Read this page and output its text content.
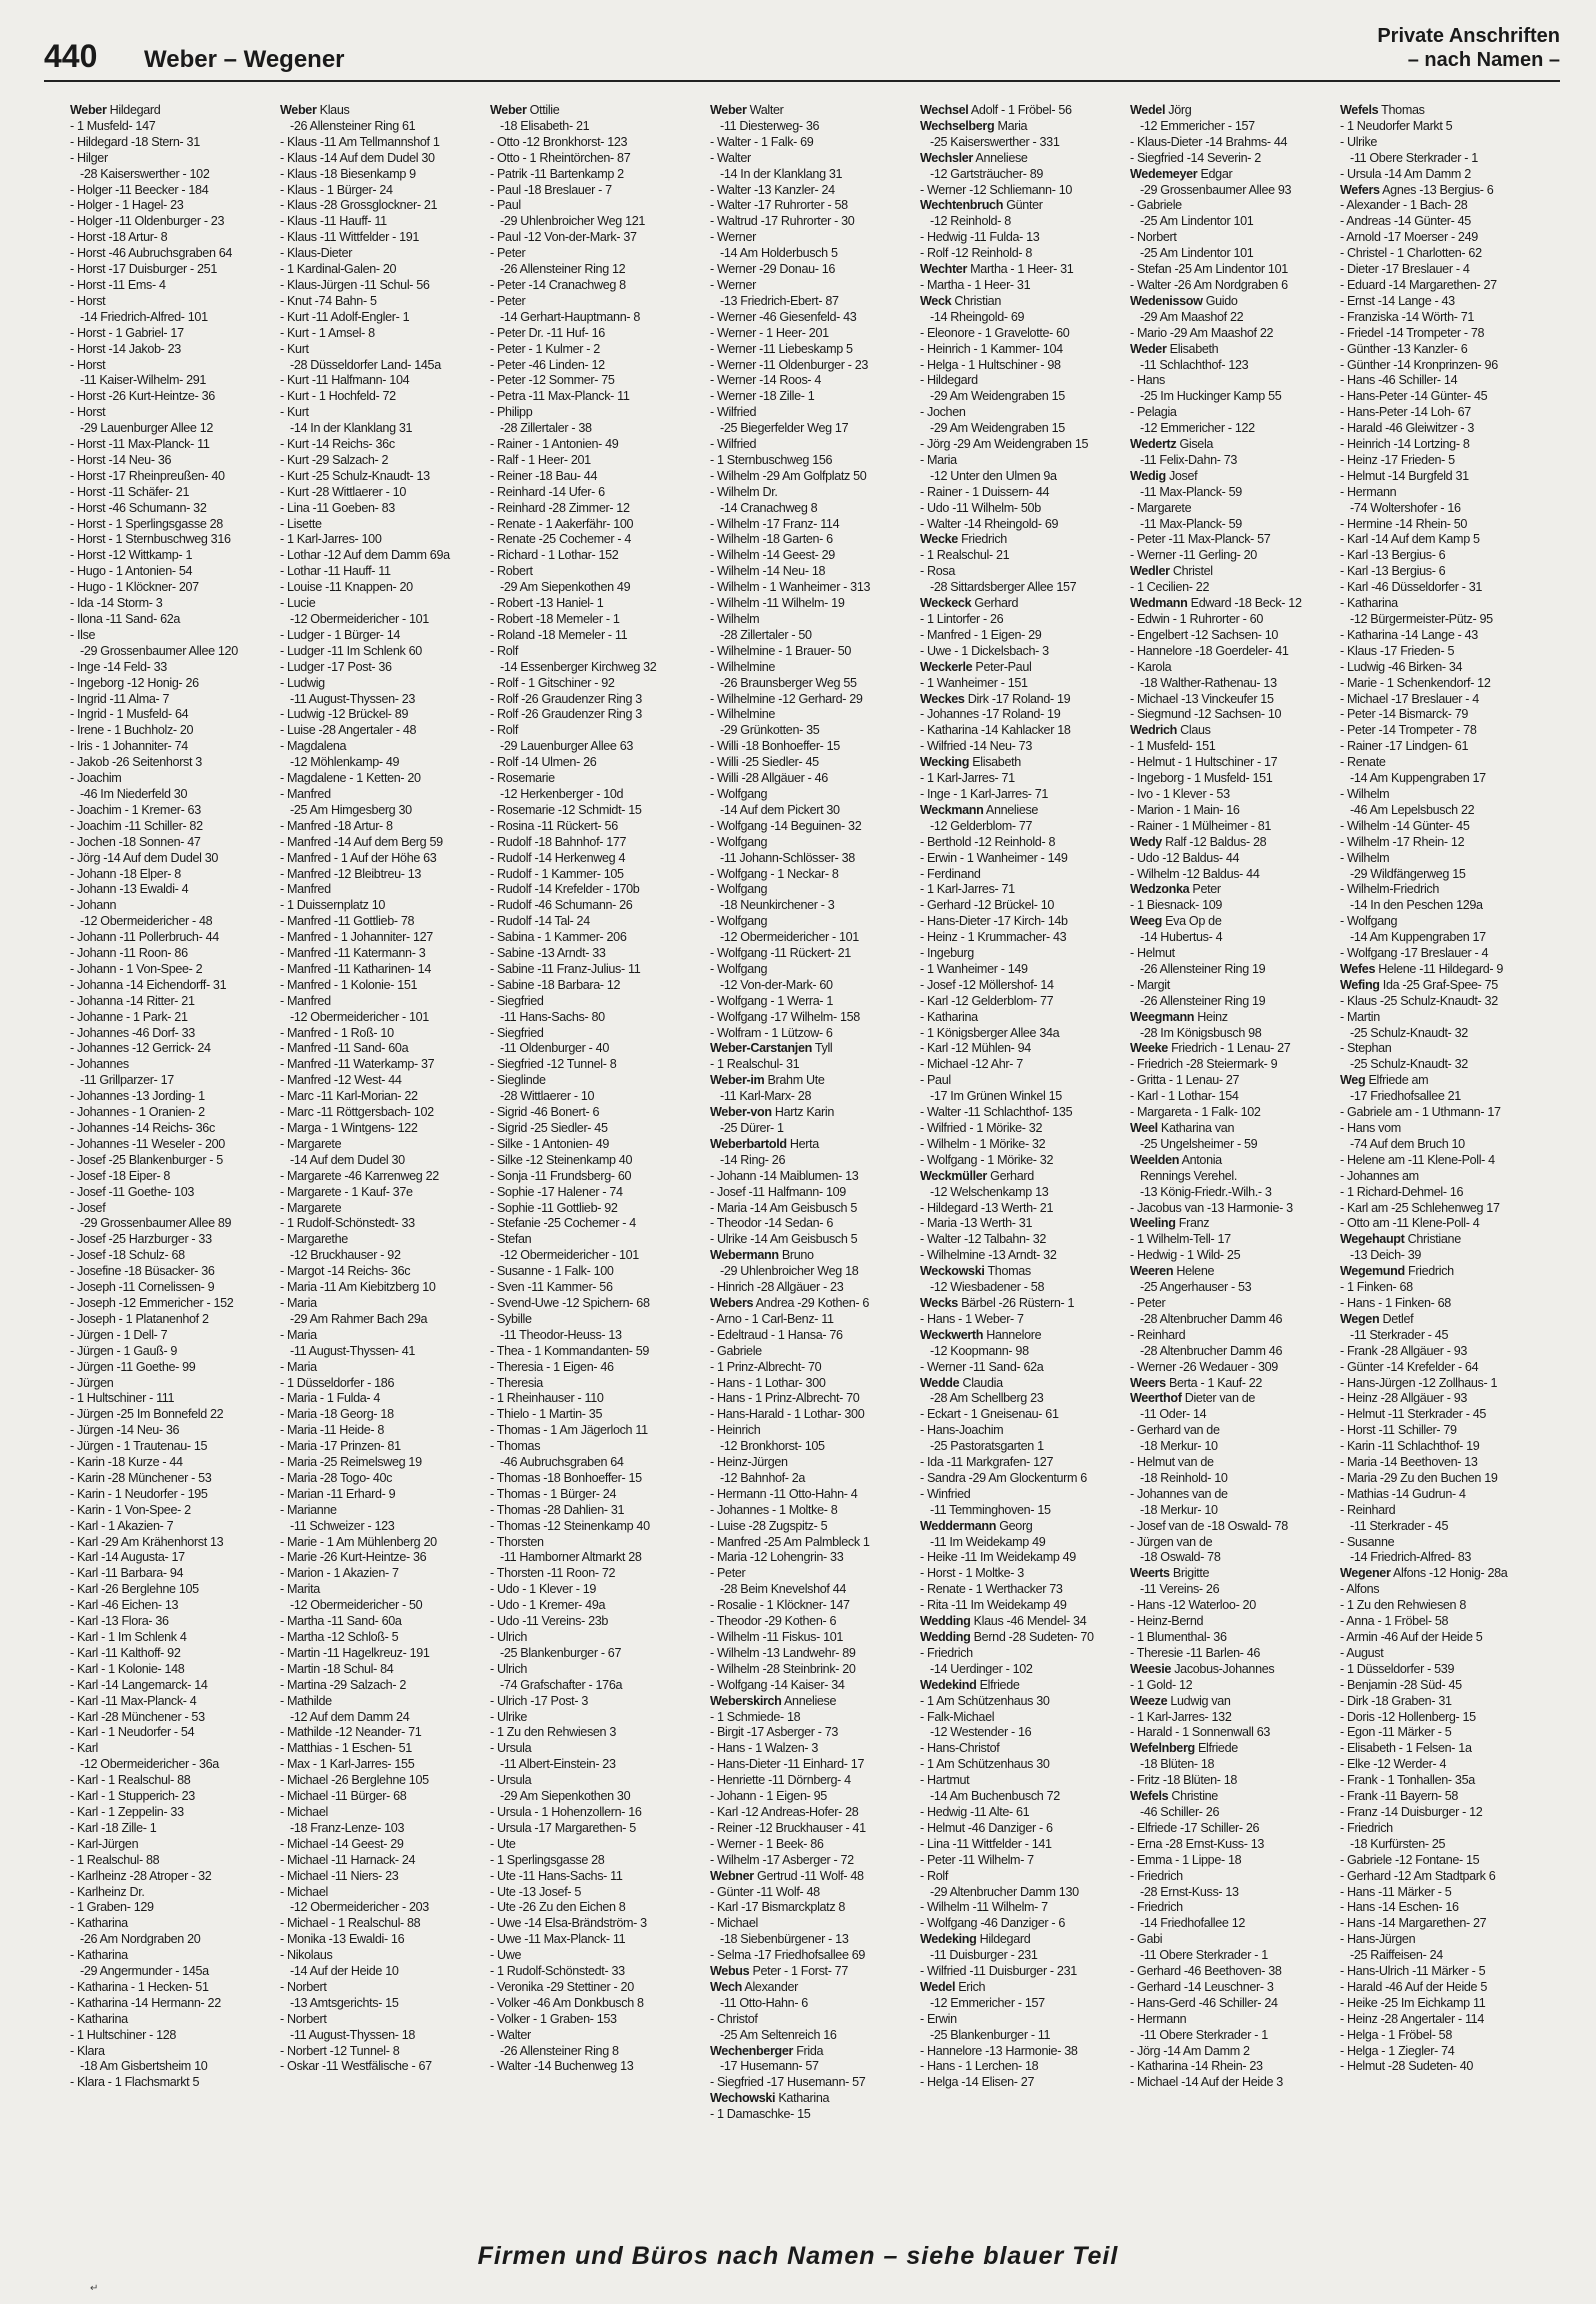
440 Weber – Wegener
Private Anschriften
– nach Namen –
Weber Hildegard
- 1 Musfeld- 147
- Hildegard -18 Stern- 31
- Hilger
-28 Kaiserswerther - 102
- Holger -11 Beecker - 184
- Holger - 1 Hagel- 23
- Holger -11 Oldenburger - 23
- Horst -18 Artur- 8
- Horst -46 Aubruchsgraben 64
- Horst -17 Duisburger - 251
- Horst -11 Ems- 4
- Horst
-14 Friedrich-Alfred- 101
- Horst - 1 Gabriel- 17
- Horst -14 Jakob- 23
- Horst
-11 Kaiser-Wilhelm- 291
- Horst -26 Kurt-Heintze- 36
- Horst
-29 Lauenburger Allee 12
- Horst -11 Max-Planck- 11
- Horst -14 Neu- 36
- Horst -17 Rheinpreußen- 40
- Horst -11 Schäfer- 21
- Horst -46 Schumann- 32
- Horst - 1 Sperlingsgasse 28
- Horst - 1 Sternbuschweg 316
- Horst -12 Wittkamp- 1
- Hugo - 1 Antonien- 54
- Hugo - 1 Klöckner- 207
- Ida -14 Storm- 3
- Ilona -11 Sand- 62a
- Ilse
-29 Grossenbaumer Allee 120
- Inge -14 Feld- 33
- Ingeborg -12 Honig- 26
- Ingrid -11 Alma- 7
- Ingrid - 1 Musfeld- 64
- Irene - 1 Buchholz- 20
- Iris - 1 Johanniter- 74
- Jakob -26 Seitenhorst 3
- Joachim
-46 Im Niederfeld 30
- Joachim - 1 Kremer- 63
- Joachim -11 Schiller- 82
- Jochen -18 Sonnen- 47
- Jörg -14 Auf dem Dudel 30
- Johann -18 Elper- 8
- Johann -13 Ewaldi- 4
- Johann
-12 Obermeidericher - 48
- Johann -11 Pollerbruch- 44
- Johann -11 Roon- 86
- Johann - 1 Von-Spee- 2
- Johanna -14 Eichendorff- 31
- Johanna -14 Ritter- 21
- Johanne - 1 Park- 21
- Johannes -46 Dorf- 33
- Johannes -12 Gerrick- 24
- Johannes
-11 Grillparzer- 17
- Johannes -13 Jording- 1
- Johannes - 1 Oranien- 2
- Johannes -14 Reichs- 36c
- Johannes -11 Weseler - 200
- Josef -25 Blankenburger - 5
- Josef -18 Eiper- 8
- Josef -11 Goethe- 103
- Josef
-29 Grossenbaumer Allee 89
- Josef -25 Harzburger - 33
- Josef -18 Schulz- 68
- Josefine -18 Büsacker- 36
- Joseph -11 Cornelissen- 9
- Joseph -12 Emmericher - 152
- Joseph - 1 Platanenhof 2
- Jürgen - 1 Dell- 7
- Jürgen - 1 Gauß- 9
- Jürgen -11 Goethe- 99
- Jürgen
- 1 Hultschiner - 111
- Jürgen -25 Im Bonnefeld 22
- Jürgen -14 Neu- 36
- Jürgen - 1 Trautenau- 15
- Karin -18 Kurze - 44
- Karin -28 Münchener - 53
- Karin - 1 Neudorfer - 195
- Karin - 1 Von-Spee- 2
- Karl - 1 Akazien- 7
- Karl -29 Am Krähenhorst 13
- Karl -14 Augusta- 17
- Karl -11 Barbara- 94
- Karl -26 Berglehne 105
- Karl -46 Eichen- 13
- Karl -13 Flora- 36
- Karl - 1 Im Schlenk 4
- Karl -11 Kalthoff- 92
- Karl - 1 Kolonie- 148
- Karl -14 Langemarck- 14
- Karl -11 Max-Planck- 4
- Karl -28 Münchener - 53
- Karl - 1 Neudorfer - 54
- Karl
-12 Obermeidericher - 36a
- Karl - 1 Realschul- 88
- Karl - 1 Stupperich- 23
- Karl - 1 Zeppelin- 33
- Karl -18 Zille- 1
- Karl-Jürgen
- 1 Realschul- 88
- Karlheinz -28 Atroper - 32
- Karlheinz Dr.
- 1 Graben- 129
- Katharina
-26 Am Nordgraben 20
- Katharina
-29 Angermunder - 145a
- Katharina - 1 Hecken- 51
- Katharina -14 Hermann- 22
- Katharina
- 1 Hultschiner - 128
- Klara
-18 Am Gisbertsheim 10
- Klara - 1 Flachsmarkt 5
Weber Klaus
-26 Allensteiner Ring 61
- Klaus -11 Am Tellmannshof 1
- Klaus -14 Auf dem Dudel 30
- Klaus -18 Biesenkamp 9
- Klaus - 1 Bürger- 24
- Klaus -28 Grossglockner- 21
- Klaus -11 Hauff- 11
- Klaus -11 Wittfelder - 191
- Klaus-Dieter
- 1 Kardinal-Galen- 20
- Klaus-Jürgen -11 Schul- 56
- Knut -74 Bahn- 5
- Kurt -11 Adolf-Engler- 1
- Kurt - 1 Amsel- 8
- Kurt
-28 Düsseldorfer Land- 145a
- Kurt -11 Halfmann- 104
- Kurt - 1 Hochfeld- 72
- Kurt
-14 In der Klanklang 31
- Kurt -14 Reichs- 36c
- Kurt -29 Salzach- 2
- Kurt -25 Schulz-Knaudt- 13
- Kurt -28 Wittlaerer - 10
- Lina -11 Goeben- 83
- Lisette
- 1 Karl-Jarres- 100
- Lothar -12 Auf dem Damm 69a
- Lothar -11 Hauff- 11
- Louise -11 Knappen- 20
- Lucie
-12 Obermeidericher - 101
- Ludger - 1 Bürger- 14
- Ludger -11 Im Schlenk 60
- Ludger -17 Post- 36
- Ludwig
-11 August-Thyssen- 23
- Ludwig -12 Brückel- 89
- Luise -28 Angertaler - 48
- Magdalena
-12 Möhlenkamp- 49
- Magdalene - 1 Ketten- 20
- Manfred
-25 Am Himgesberg 30
- Manfred -18 Artur- 8
- Manfred -14 Auf dem Berg 59
- Manfred - 1 Auf der Höhe 63
- Manfred -12 Bleibtreu- 13
- Manfred
- 1 Duissernplatz 10
- Manfred -11 Gottlieb- 78
- Manfred - 1 Johanniter- 127
- Manfred -11 Katermann- 3
- Manfred -11 Katharinen- 14
- Manfred - 1 Kolonie- 151
- Manfred
-12 Obermeidericher - 101
- Manfred - 1 Roß- 10
- Manfred -11 Sand- 60a
- Manfred -11 Waterkamp- 37
- Manfred -12 West- 44
- Marc -11 Karl-Morian- 22
- Marc -11 Röttgersbach- 102
- Marga - 1 Wintgens- 122
- Margarete
-14 Auf dem Dudel 30
- Margarete -46 Karrenweg 22
- Margarete - 1 Kauf- 37e
- Margarete
- 1 Rudolf-Schönstedt- 33
- Margarethe
-12 Bruckhauser - 92
- Margot -14 Reichs- 36c
- Maria -11 Am Kiebitzberg 10
- Maria
-29 Am Rahmer Bach 29a
- Maria
-11 August-Thyssen- 41
- Maria
- 1 Düsseldorfer - 186
- Maria - 1 Fulda- 4
- Maria -18 Georg- 18
- Maria -11 Heide- 8
- Maria -17 Prinzen- 81
- Maria -25 Reimelsweg 19
- Maria -28 Togo- 40c
- Marian -11 Erhard- 9
- Marianne
-11 Schweizer - 123
- Marie - 1 Am Mühlenberg 20
- Marie -26 Kurt-Heintze- 36
- Marion - 1 Akazien- 7
- Marita
-12 Obermeidericher - 50
- Martha -11 Sand- 60a
- Martha -12 Schloß- 5
- Martin -11 Hagelkreuz- 191
- Martin -18 Schul- 84
- Martina -29 Salzach- 2
- Mathilde
-12 Auf dem Damm 24
- Mathilde -12 Neander- 71
- Matthias - 1 Eschen- 51
- Max - 1 Karl-Jarres- 155
- Michael -26 Berglehne 105
- Michael -11 Bürger- 68
- Michael
-18 Franz-Lenze- 103
- Michael -14 Geest- 29
- Michael -11 Harnack- 24
- Michael -11 Niers- 23
- Michael
-12 Obermeidericher - 203
- Michael - 1 Realschul- 88
- Monika -13 Ewaldi- 16
- Nikolaus
-14 Auf der Heide 10
- Norbert
-13 Amtsgerichts- 15
- Norbert
-11 August-Thyssen- 18
- Norbert -12 Tunnel- 8
- Oskar -11 Westfälische - 67
Weber Ottilie
-18 Elisabeth- 21
- Otto -12 Bronkhorst- 123
- Otto - 1 Rheintörchen- 87
- Patrik -11 Bartenkamp 2
- Paul -18 Breslauer - 7
- Paul
-29 Uhlenbroicher Weg 121
- Paul -12 Von-der-Mark- 37
- Peter
-26 Allensteiner Ring 12
- Peter -14 Cranachweg 8
- Peter
-14 Gerhart-Hauptmann- 8
- Peter Dr. -11 Huf- 16
- Peter - 1 Kulmer - 2
- Peter -46 Linden- 12
- Peter -12 Sommer- 75
- Petra -11 Max-Planck- 11
- Philipp
-28 Zillertaler - 38
- Rainer - 1 Antonien- 49
- Ralf - 1 Heer- 201
- Reiner -18 Bau- 44
- Reinhard -14 Ufer- 6
- Reinhard -28 Zimmer- 12
- Renate - 1 Aakerfähr- 100
- Renate -25 Cochemer - 4
- Richard - 1 Lothar- 152
- Robert
-29 Am Siepenkothen 49
- Robert -13 Haniel- 1
- Robert -18 Memeler - 1
- Roland -18 Memeler - 11
- Rolf
-14 Essenberger Kirchweg 32
- Rolf - 1 Gitschiner - 92
- Rolf -26 Graudenzer Ring 3
- Rolf -26 Graudenzer Ring 3
- Rolf
-29 Lauenburger Allee 63
- Rolf -14 Ulmen- 26
- Rosemarie
-12 Herkenberger - 10d
- Rosemarie -12 Schmidt- 15
- Rosina -11 Rückert- 56
- Rudolf -18 Bahnhof- 177
- Rudolf -14 Herkenweg 4
- Rudolf - 1 Kammer- 105
- Rudolf -14 Krefelder - 170b
- Rudolf -46 Schumann- 26
- Rudolf -14 Tal- 24
- Sabina - 1 Kammer- 206
- Sabine -13 Arndt- 33
- Sabine -11 Franz-Julius- 11
- Sabine -18 Barbara- 12
- Siegfried
-11 Hans-Sachs- 80
- Siegfried
-11 Oldenburger - 40
- Siegfried -12 Tunnel- 8
- Sieglinde
-28 Wittlaerer - 10
- Sigrid -46 Bonert- 6
- Sigrid -25 Siedler- 45
- Silke - 1 Antonien- 49
- Silke -12 Steinenkamp 40
- Sonja -11 Frundsberg- 60
- Sophie -17 Halener - 74
- Sophie -11 Gottlieb- 92
- Stefanie -25 Cochemer - 4
- Stefan
-12 Obermeidericher - 101
- Susanne - 1 Falk- 100
- Sven -11 Kammer- 56
- Svend-Uwe -12 Spichern- 68
- Sybille
-11 Theodor-Heuss- 13
- Thea - 1 Kommandanten- 59
- Theresia - 1 Eigen- 46
- Theresia
- 1 Rheinhauser - 110
- Thielo - 1 Martin- 35
- Thomas - 1 Am Jägerloch 11
- Thomas
-46 Aubruchsgraben 64
- Thomas -18 Bonhoeffer- 15
- Thomas - 1 Bürger- 24
- Thomas -28 Dahlien- 31
- Thomas -12 Steinenkamp 40
- Thorsten
-11 Hamborner Altmarkt 28
- Thorsten -11 Roon- 72
- Udo - 1 Klever - 19
- Udo - 1 Kremer- 49a
- Udo -11 Vereins- 23b
- Ulrich
-25 Blankenburger - 67
- Ulrich
-74 Grafschafter - 176a
- Ulrich -17 Post- 3
- Ulrike
- 1 Zu den Rehwiesen 3
- Ursula
-11 Albert-Einstein- 23
- Ursula
-29 Am Siepenkothen 30
- Ursula - 1 Hohenzollern- 16
- Ursula -17 Margarethen- 5
- Ute
- 1 Sperlingsgasse 28
- Ute -11 Hans-Sachs- 11
- Ute -13 Josef- 5
- Ute -26 Zu den Eichen 8
- Uwe -14 Elsa-Brändström- 3
- Uwe -11 Max-Planck- 11
- Uwe
- 1 Rudolf-Schönstedt- 33
- Veronika -29 Stettiner - 20
- Volker -46 Am Donkbusch 8
- Volker - 1 Graben- 153
- Walter
-26 Allensteiner Ring 8
- Walter -14 Buchenweg 13
Weber Walter
-11 Diesterweg- 36
- Walter - 1 Falk- 69
- Walter
-14 In der Klanklang 31
- Walter -13 Kanzler- 24
- Walter -17 Ruhrorter - 58
- Waltrud -17 Ruhrorter - 30
- Werner
-14 Am Holderbusch 5
- Werner -29 Donau- 16
- Werner
-13 Friedrich-Ebert- 87
- Werner -46 Giesenfeld- 43
- Werner - 1 Heer- 201
- Werner -11 Liebeskamp 5
- Werner -11 Oldenburger - 23
- Werner -14 Roos- 4
- Werner -18 Zille- 1
- Wilfried
-25 Biegerfelder Weg 17
- Wilfried
- 1 Sternbuschweg 156
- Wilhelm -29 Am Golfplatz 50
- Wilhelm Dr.
-14 Cranachweg 8
- Wilhelm -17 Franz- 114
- Wilhelm -18 Garten- 6
- Wilhelm -14 Geest- 29
- Wilhelm -14 Neu- 18
- Wilhelm - 1 Wanheimer - 313
- Wilhelm -11 Wilhelm- 19
- Wilhelm
-28 Zillertaler - 50
- Wilhelmine - 1 Brauer- 50
- Wilhelmine
-26 Braunsberger Weg 55
- Wilhelmine -12 Gerhard- 29
- Wilhelmine
-29 Grünkotten- 35
- Willi -18 Bonhoeffer- 15
- Willi -25 Siedler- 45
- Willi -28 Allgäuer - 46
- Wolfgang
-14 Auf dem Pickert 30
- Wolfgang -14 Beguinen- 32
- Wolfgang
-11 Johann-Schlösser- 38
- Wolfgang - 1 Neckar- 8
- Wolfgang
-18 Neunkirchener - 3
- Wolfgang
-12 Obermeidericher - 101
- Wolfgang -11 Rückert- 21
- Wolfgang
-12 Von-der-Mark- 60
- Wolfgang - 1 Werra- 1
- Wolfgang -17 Wilhelm- 158
- Wolfram - 1 Lützow- 6
Weber-Carstanjen Tyll
- 1 Realschul- 31
Weber-im Brahm Ute
-11 Karl-Marx- 28
Weber-von Hartz Karin
-25 Dürer- 1
Weberbartold Herta
-14 Ring- 26
- Johann -14 Maiblumen- 13
- Josef -11 Halfmann- 109
- Maria -14 Am Geisbusch 5
- Theodor -14 Sedan- 6
- Ulrike -14 Am Geisbusch 5
Webermann Bruno
-29 Uhlenbroicher Weg 18
- Hinrich -28 Allgäuer - 23
Webers Andrea -29 Kothen- 6
- Arno - 1 Carl-Benz- 11
- Edeltraud - 1 Hansa- 76
- Gabriele
- 1 Prinz-Albrecht- 70
- Hans - 1 Lothar- 300
- Hans - 1 Prinz-Albrecht- 70
- Hans-Harald - 1 Lothar- 300
- Heinrich
-12 Bronkhorst- 105
- Heinz-Jürgen
-12 Bahnhof- 2a
- Hermann -11 Otto-Hahn- 4
- Johannes - 1 Moltke- 8
- Luise -28 Zugspitz- 5
- Manfred -25 Am Palmbleck 1
- Maria -12 Lohengrin- 33
- Peter
-28 Beim Knevelshof 44
- Rosalie - 1 Klöckner- 147
- Theodor -29 Kothen- 6
- Wilhelm -11 Fiskus- 101
- Wilhelm -13 Landwehr- 89
- Wilhelm -28 Steinbrink- 20
- Wolfgang -14 Kaiser- 34
Weberskirch Anneliese
- 1 Schmiede- 18
- Birgit -17 Asberger - 73
- Hans - 1 Walzen- 3
- Hans-Dieter -11 Einhard- 17
- Henriette -11 Dörnberg- 4
- Johann - 1 Eigen- 95
- Karl -12 Andreas-Hofer- 28
- Reiner -12 Bruckhauser - 41
- Werner - 1 Beek- 86
- Wilhelm -17 Asberger - 72
Webner Gertrud -11 Wolf- 48
- Günter -11 Wolf- 48
- Karl -17 Bismarckplatz 8
- Michael
-18 Siebenbürgener - 13
- Selma -17 Friedhofsallee 69
Webus Peter - 1 Forst- 77
Wech Alexander
-11 Otto-Hahn- 6
- Christof
-25 Am Seltenreich 16
Wechenberger Frida
-17 Husemann- 57
- Siegfried -17 Husemann- 57
Wechowski Katharina
- 1 Damaschke- 15
Wechsel Adolf - 1 Fröbel- 56
Wechselberg Maria
-25 Kaiserswerther - 331
Wechsler Anneliese
-12 Gartsträucher- 89
- Werner -12 Schliemann- 10
Wechtenbruch Günter
-12 Reinhold- 8
- Hedwig -11 Fulda- 13
- Rolf -12 Reinhold- 8
Wechter Martha - 1 Heer- 31
- Martha - 1 Heer- 31
Weck Christian
-14 Rheingold- 69
- Eleonore - 1 Gravelotte- 60
- Heinrich - 1 Kammer- 104
- Helga - 1 Hultschiner - 98
- Hildegard
-29 Am Weidengraben 15
- Jochen
-29 Am Weidengraben 15
- Jörg -29 Am Weidengraben 15
- Maria
-12 Unter den Ulmen 9a
- Rainer - 1 Duissern- 44
- Udo -11 Wilhelm- 50b
- Walter -14 Rheingold- 69
Wecke Friedrich
- 1 Realschul- 21
- Rosa
-28 Sittardsberger Allee 157
Weckeck Gerhard
- 1 Lintorfer - 26
- Manfred - 1 Eigen- 29
- Uwe - 1 Dickelsbach- 3
Weckerle Peter-Paul
- 1 Wanheimer - 151
Weckes Dirk -17 Roland- 19
- Johannes -17 Roland- 19
- Katharina -14 Kahlacker 18
- Wilfried -14 Neu- 73
Wecking Elisabeth
- 1 Karl-Jarres- 71
- Inge - 1 Karl-Jarres- 71
Weckmann Anneliese
-12 Gelderblom- 77
- Berthold -12 Reinhold- 8
- Erwin - 1 Wanheimer - 149
- Ferdinand
- 1 Karl-Jarres- 71
- Gerhard -12 Brückel- 10
- Hans-Dieter -17 Kirch- 14b
- Heinz - 1 Krummacher- 43
- Ingeburg
- 1 Wanheimer - 149
- Josef -12 Möllershof- 14
- Karl -12 Gelderblom- 77
- Katharina
- 1 Königsberger Allee 34a
- Karl -12 Mühlen- 94
- Michael -12 Ahr- 7
- Paul
-17 Im Grünen Winkel 15
- Walter -11 Schlachthof- 135
- Wilfried - 1 Mörike- 32
- Wilhelm - 1 Mörike- 32
- Wolfgang - 1 Mörike- 32
Weckmüller Gerhard
-12 Welschenkamp 13
- Hildegard -13 Werth- 21
- Maria -13 Werth- 31
- Walter -12 Talbahn- 32
- Wilhelmine -13 Arndt- 32
Weckowski Thomas
-12 Wiesbadener - 58
Wecks Bärbel -26 Rüstern- 1
- Hans - 1 Weber- 7
Weckwerth Hannelore
-12 Koopmann- 98
- Werner -11 Sand- 62a
Wedde Claudia
-28 Am Schellberg 23
- Eckart - 1 Gneisenau- 61
- Hans-Joachim
-25 Pastoratsgarten 1
- Ida -11 Markgrafen- 127
- Sandra -29 Am Glockenturm 6
- Winfried
-11 Temminghoven- 15
Weddermann Georg
-11 Im Weidekamp 49
- Heike -11 Im Weidekamp 49
- Horst - 1 Moltke- 3
- Renate - 1 Werthacker 73
- Rita -11 Im Weidekamp 49
Wedding Klaus -46 Mendel- 34
Wedding Bernd -28 Sudeten- 70
- Friedrich
-14 Uerdinger - 102
Wedekind Elfriede
- 1 Am Schützenhaus 30
- Falk-Michael
-12 Westender - 16
- Hans-Christof
- 1 Am Schützenhaus 30
- Hartmut
-14 Am Buchenbusch 72
- Hedwig -11 Alte- 61
- Helmut -46 Danziger - 6
- Lina -11 Wittfelder - 141
- Peter -11 Wilhelm- 7
- Rolf
-29 Altenbrucher Damm 130
- Wilhelm -11 Wilhelm- 7
- Wolfgang -46 Danziger - 6
Wedeking Hildegard
-11 Duisburger - 231
- Wilfried -11 Duisburger - 231
Wedel Erich
-12 Emmericher - 157
- Erwin
-25 Blankenburger - 11
- Hannelore -13 Harmonie- 38
- Hans - 1 Lerchen- 18
- Helga -14 Elisen- 27
Wedel Jörg
-12 Emmericher - 157
- Klaus-Dieter -14 Brahms- 44
- Siegfried -14 Severin- 2
Wedemeyer Edgar
-29 Grossenbaumer Allee 93
- Gabriele
-25 Am Lindentor 101
- Norbert
-25 Am Lindentor 101
- Stefan -25 Am Lindentor 101
- Walter -26 Am Nordgraben 6
Wedenissow Guido
-29 Am Maashof 22
- Mario -29 Am Maashof 22
Weder Elisabeth
-11 Schlachthof- 123
- Hans
-25 Im Huckinger Kamp 55
- Pelagia
-12 Emmericher - 122
Wedertz Gisela
-11 Felix-Dahn- 73
Wedig Josef
-11 Max-Planck- 59
- Margarete
-11 Max-Planck- 59
- Peter -11 Max-Planck- 57
- Werner -11 Gerling- 20
Wedler Christel
- 1 Cecilien- 22
Wedmann Edward -18 Beck- 12
- Edwin - 1 Ruhrorter - 60
- Engelbert -12 Sachsen- 10
- Hannelore -18 Goerdeler- 41
- Karola
-18 Walther-Rathenau- 13
- Michael -13 Vinckeufer 15
- Siegmund -12 Sachsen- 10
Wedrich Claus
- 1 Musfeld- 151
- Helmut - 1 Hultschiner - 17
- Ingeborg - 1 Musfeld- 151
- Ivo - 1 Klever - 53
- Marion - 1 Main- 16
- Rainer - 1 Mülheimer - 81
Wedy Ralf -12 Baldus- 28
- Udo -12 Baldus- 44
- Wilhelm -12 Baldus- 44
Wedzonka Peter
- 1 Biesnack- 109
Weeg Eva Op de
-14 Hubertus- 4
- Helmut
-26 Allensteiner Ring 19
- Margit
-26 Allensteiner Ring 19
Weegmann Heinz
-28 Im Königsbusch 98
Weeke Friedrich - 1 Lenau- 27
- Friedrich -28 Steiermark- 9
- Gritta - 1 Lenau- 27
- Karl - 1 Lothar- 154
- Margareta - 1 Falk- 102
Weel Katharina van
-25 Ungelsheimer - 59
Weelden Antonia
Rennings Verehel.
-13 König-Friedr.-Wilh.- 3
- Jacobus van -13 Harmonie- 3
Weeling Franz
- 1 Wilhelm-Tell- 17
- Hedwig - 1 Wild- 25
Weeren Helene
-25 Angerhauser - 53
- Peter
-28 Altenbrucher Damm 46
- Reinhard
-28 Altenbrucher Damm 46
- Werner -26 Wedauer - 309
Weers Berta - 1 Kauf- 22
Weerthof Dieter van de
-11 Oder- 14
- Gerhard van de
-18 Merkur- 10
- Helmut van de
-18 Reinhold- 10
- Johannes van de
-18 Merkur- 10
- Josef van de -18 Oswald- 78
- Jürgen van de
-18 Oswald- 78
Weerts Brigitte
-11 Vereins- 26
- Hans -12 Waterloo- 20
- Heinz-Bernd
- 1 Blumenthal- 36
- Theresie -11 Barlen- 46
Weesie Jacobus-Johannes
- 1 Gold- 12
Weeze Ludwig van
- 1 Karl-Jarres- 132
- Harald - 1 Sonnenwall 63
Wefelnberg Elfriede
-18 Blüten- 18
- Fritz -18 Blüten- 18
Wefels Christine
-46 Schiller- 26
- Elfriede -17 Schiller- 26
- Erna -28 Ernst-Kuss- 13
- Emma - 1 Lippe- 18
- Friedrich
-28 Ernst-Kuss- 13
- Friedrich
-14 Friedhofallee 12
- Gabi
-11 Obere Sterkrader - 1
- Gerhard -46 Beethoven- 38
- Gerhard -14 Leuschner- 3
- Hans-Gerd -46 Schiller- 24
- Hermann
-11 Obere Sterkrader - 1
- Jörg -14 Am Damm 2
- Katharina -14 Rhein- 23
- Michael -14 Auf der Heide 3
Wefels Thomas
- 1 Neudorfer Markt 5
- Ulrike
-11 Obere Sterkrader - 1
- Ursula -14 Am Damm 2
Wefers Agnes -13 Bergius- 6
- Alexander - 1 Bach- 28
- Andreas -14 Günter- 45
- Arnold -17 Moerser - 249
- Christel - 1 Charlotten- 62
- Dieter -17 Breslauer - 4
- Eduard -14 Margarethen- 27
- Ernst -14 Lange - 43
- Franziska -14 Wörth- 71
- Friedel -14 Trompeter - 78
- Günther -13 Kanzler- 6
- Günther -14 Kronprinzen- 96
- Hans -46 Schiller- 14
- Hans-Peter -14 Günter- 45
- Hans-Peter -14 Loh- 67
- Harald -46 Gleiwitzer - 3
- Heinrich -14 Lortzing- 8
- Heinz -17 Frieden- 5
- Helmut -14 Burgfeld 31
- Hermann
-74 Woltershofer - 16
- Hermine -14 Rhein- 50
- Karl -14 Auf dem Kamp 5
- Karl -13 Bergius- 6
- Karl -13 Bergius- 6
- Karl -46 Düsseldorfer - 31
- Katharina
-12 Bürgermeister-Pütz- 95
- Katharina -14 Lange - 43
- Klaus -17 Frieden- 5
- Ludwig -46 Birken- 34
- Marie - 1 Schenkendorf- 12
- Michael -17 Breslauer - 4
- Peter -14 Bismarck- 79
- Peter -14 Trompeter - 78
- Rainer -17 Lindgen- 61
- Renate
-14 Am Kuppengraben 17
- Wilhelm
-46 Am Lepelsbusch 22
- Wilhelm -14 Günter- 45
- Wilhelm -17 Rhein- 12
- Wilhelm
-29 Wildfängerweg 15
- Wilhelm-Friedrich
-14 In den Peschen 129a
- Wolfgang
-14 Am Kuppengraben 17
- Wolfgang -17 Breslauer - 4
Wefes Helene -11 Hildegard- 9
Wefing Ida -25 Graf-Spee- 75
- Klaus -25 Schulz-Knaudt- 32
- Martin
-25 Schulz-Knaudt- 32
- Stephan
-25 Schulz-Knaudt- 32
Weg Elfriede am
-17 Friedhofsallee 21
- Gabriele am - 1 Uthmann- 17
- Hans vom
-74 Auf dem Bruch 10
- Helene am -11 Klene-Poll- 4
- Johannes am
- 1 Richard-Dehmel- 16
- Karl am -25 Schlehenweg 17
- Otto am -11 Klene-Poll- 4
Wegehaupt Christiane
-13 Deich- 39
Wegemund Friedrich
- 1 Finken- 68
- Hans - 1 Finken- 68
Wegen Detlef
-11 Sterkrader - 45
- Frank -28 Allgäuer - 93
- Günter -14 Krefelder - 64
- Hans-Jürgen -12 Zollhaus- 1
- Heinz -28 Allgäuer - 93
- Helmut -11 Sterkrader - 45
- Horst -11 Schiller- 79
- Karin -11 Schlachthof- 19
- Maria -14 Beethoven- 13
- Maria -29 Zu den Buchen 19
- Mathias -14 Gudrun- 4
- Reinhard
-11 Sterkrader - 45
- Susanne
-14 Friedrich-Alfred- 83
Wegener Alfons -12 Honig- 28a
- Alfons
- 1 Zu den Rehwiesen 8
- Anna - 1 Fröbel- 58
- Armin -46 Auf der Heide 5
- August
- 1 Düsseldorfer - 539
- Benjamin -28 Süd- 45
- Dirk -18 Graben- 31
- Doris -12 Hollenberg- 15
- Egon -11 Märker - 5
- Elisabeth - 1 Felsen- 1a
- Elke -12 Werder- 4
- Frank - 1 Tonhallen- 35a
- Frank -11 Bayern- 58
- Franz -14 Duisburger - 12
- Friedrich
-18 Kurfürsten- 25
- Gabriele -12 Fontane- 15
- Gerhard -12 Am Stadtpark 6
- Hans -11 Märker - 5
- Hans -14 Eschen- 16
- Hans -14 Margarethen- 27
- Hans-Jürgen
-25 Raiffeisen- 24
- Hans-Ulrich -11 Märker - 5
- Harald -46 Auf der Heide 5
- Heike -25 Im Eichkamp 11
- Heinz -28 Angertaler - 114
- Helga - 1 Fröbel- 58
- Helga - 1 Ziegler- 74
- Helmut -28 Sudeten- 40
Firmen und Büros nach Namen – siehe blauer Teil
↵
